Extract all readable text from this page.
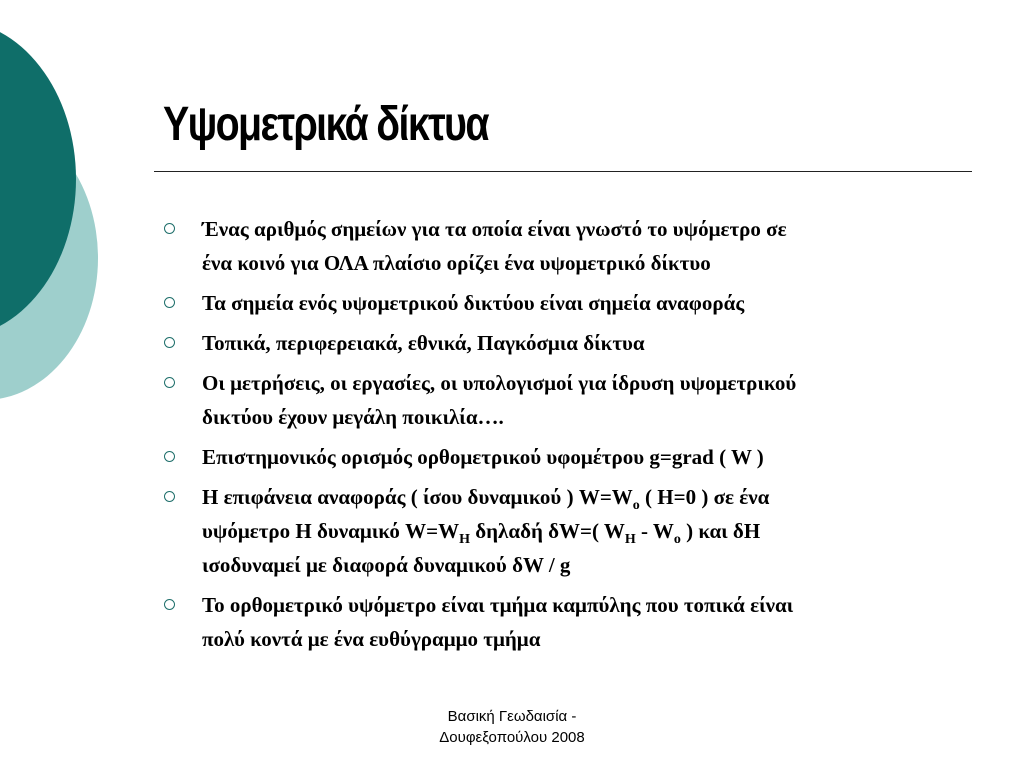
Υψομετρικά δίκτυα
Ένας αριθμός σημείων για τα οποία είναι γνωστό το υψόμετρο σε
ένα κοινό για ΟΛΑ πλαίσιο ορίζει ένα υψομετρικό δίκτυο
Τα σημεία ενός υψομετρικού δικτύου είναι σημεία αναφοράς
Τοπικά, περιφερειακά, εθνικά, Παγκόσμια δίκτυα
Οι μετρήσεις, οι εργασίες, οι υπολογισμοί για ίδρυση υψομετρικού
δικτύου έχουν μεγάλη ποικιλία….
Επιστημονικός ορισμός ορθομετρικού υφομέτρου g=grad ( W )
Η επιφάνεια αναφοράς ( ίσου δυναμικού ) $W=W_o$ ( H=0 ) σε ένα
υψόμετρο Η δυναμικό $W=W_H$ δηλαδή δW=( $W_H - W_o$ ) και δH
ισοδυναμεί με διαφορά δυναμικού δW / g
Το ορθομετρικό υψόμετρο είναι τμήμα καμπύλης που τοπικά είναι
πολύ κοντά με ένα ευθύγραμμο τμήμα
Βασική Γεωδαισία -
Δουφεξοπούλου 2008
